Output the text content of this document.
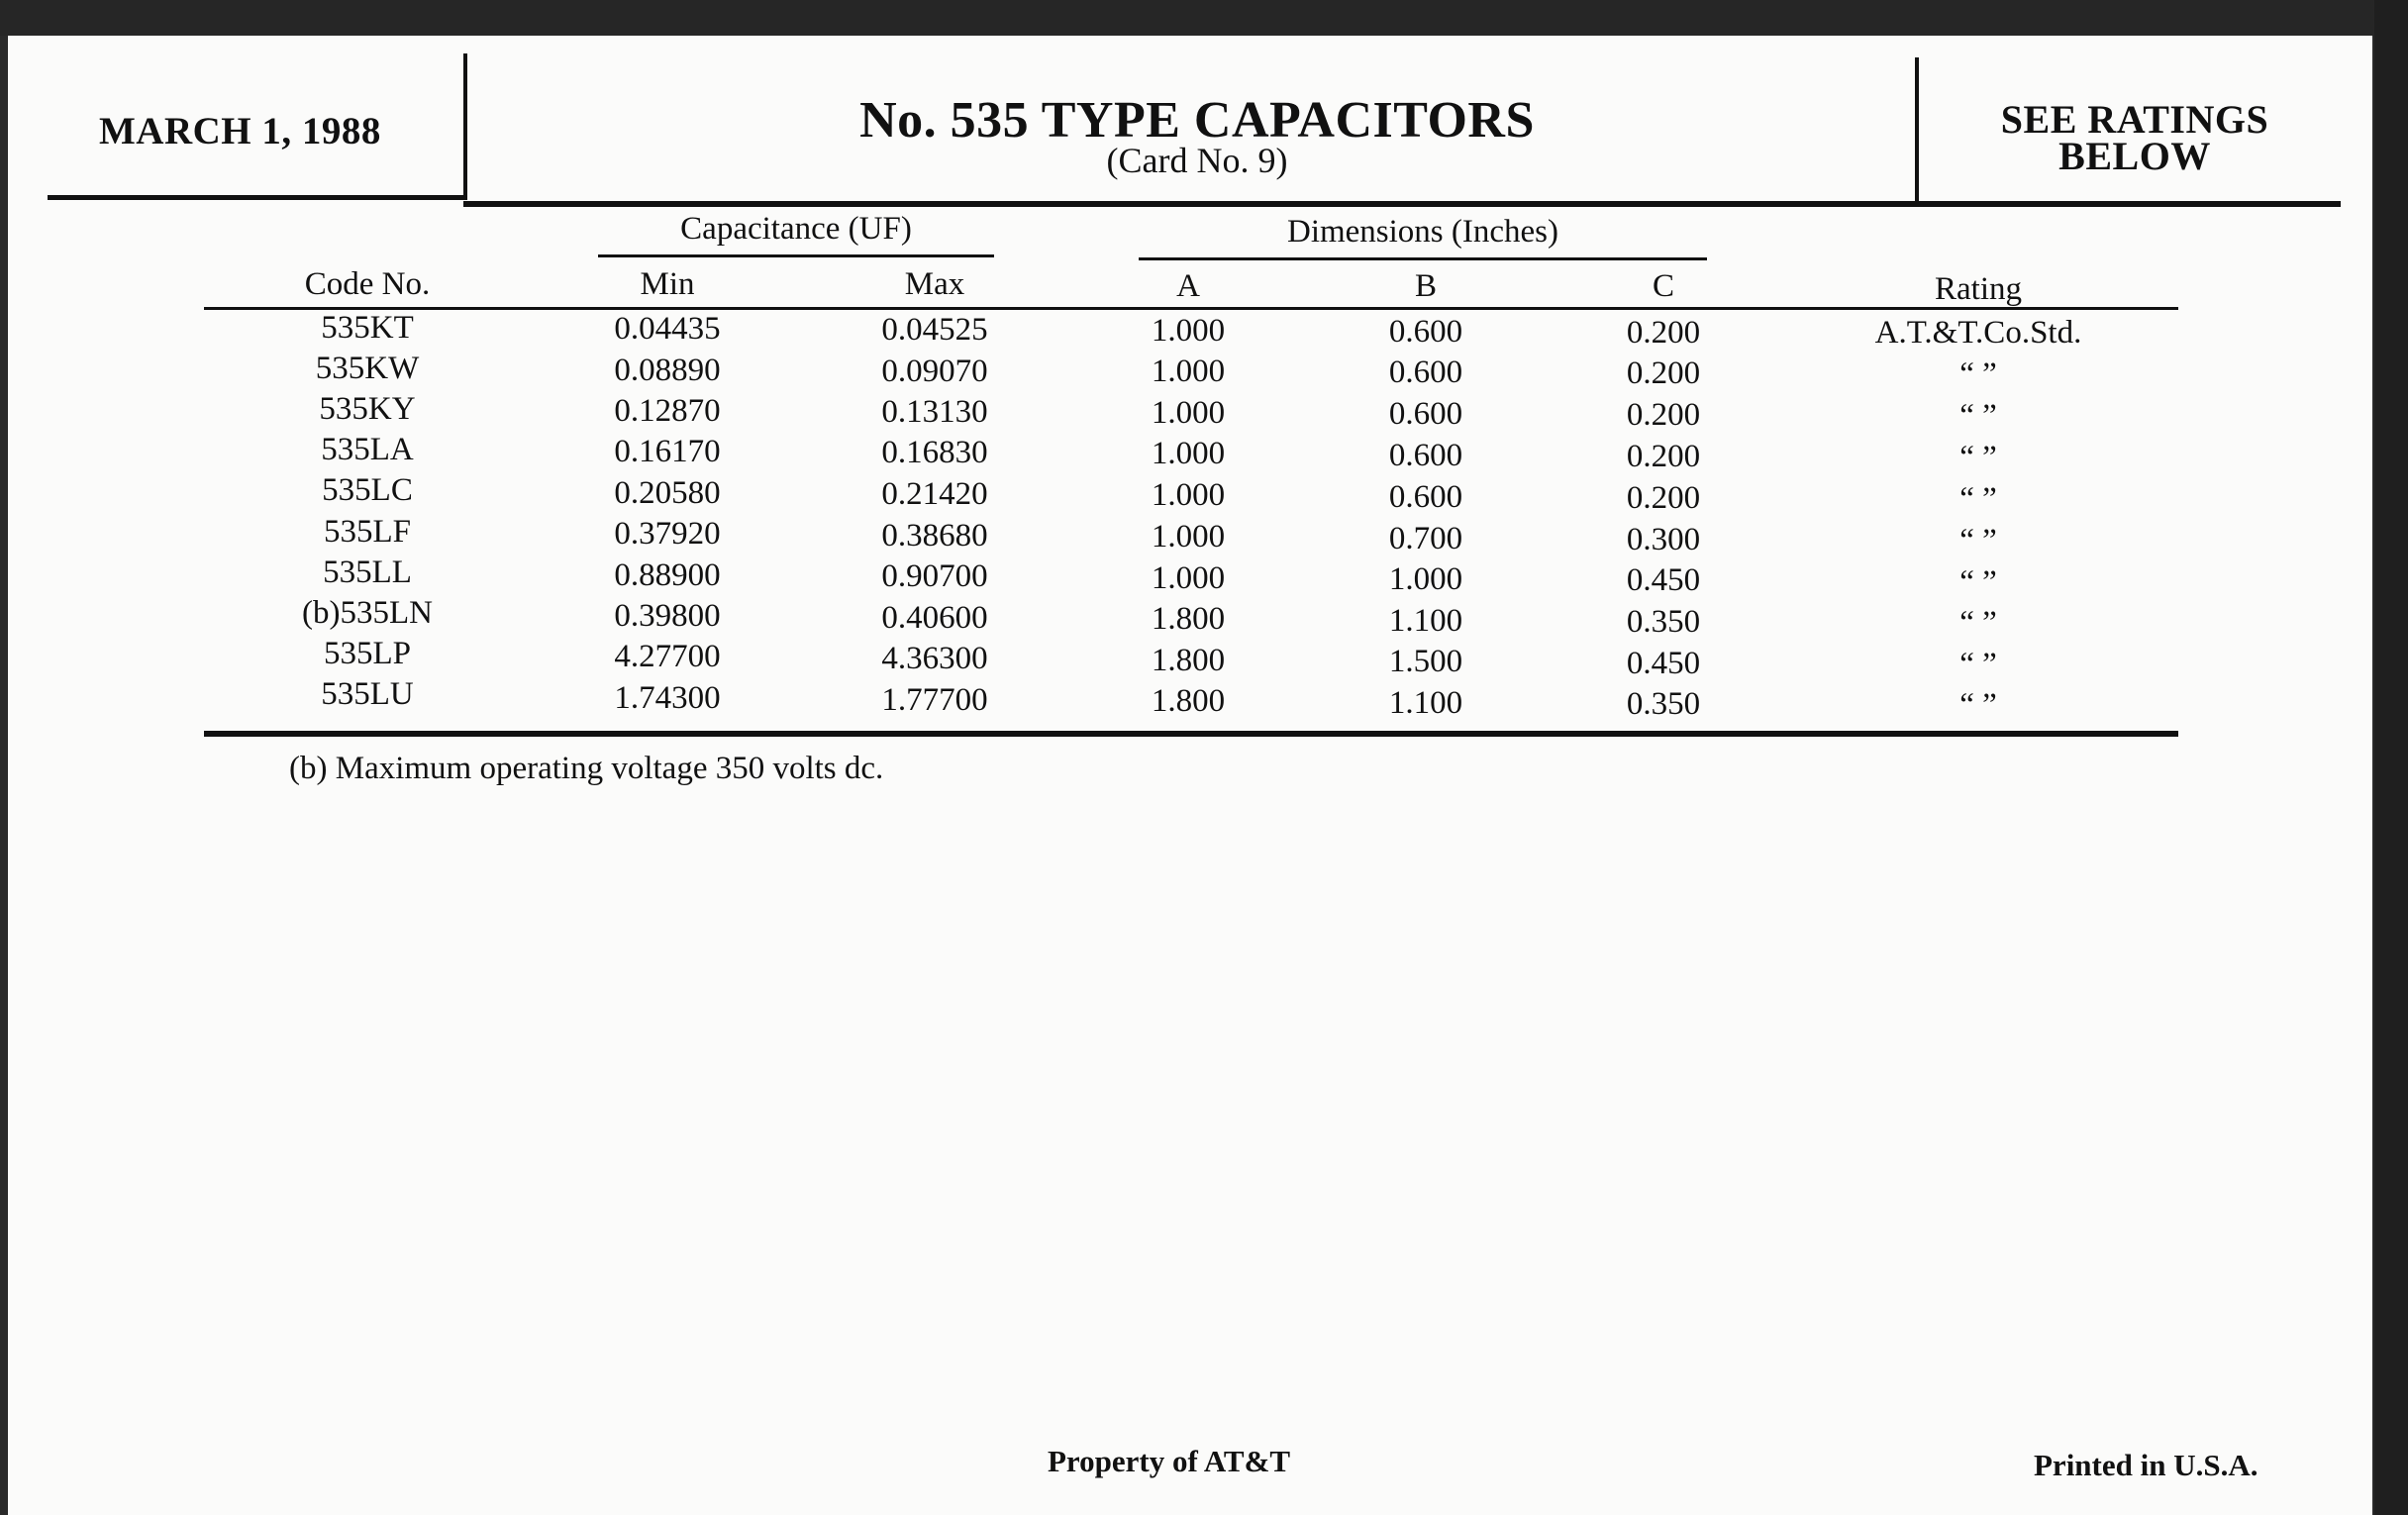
MARCH 1, 1988	No. 535 TYPE CAPACITORS
(Card No. 9)
SEE RATINGS
BELOW
Capacitance (UF)	Dimensions (Inches)
Code No.	Min	Max	A	B	C	Rating
535KT	0.04435	0.04525	1.000	0.600	0.200	A.T.&T.Co.Std.
535KW	0.08890	0.09070	1.000	0.600	0.200	“ ”
535KY	0.12870	0.13130	1.000	0.600	0.200	“ ”
535LA	0.16170	0.16830	1.000	0.600	0.200	“ ”
535LC	0.20580	0.21420	1.000	0.600	0.200	“ ”
535LF	0.37920	0.38680	1.000	0.700	0.300	“ ”
535LL	0.88900	0.90700	1.000	1.000	0.450	“ ”
(b)535LN	0.39800	0.40600	1.800	1.100	0.350	“ ”
535LP	4.27700	4.36300	1.800	1.500	0.450	“ ”
535LU	1.74300	1.77700	1.800	1.100	0.350	“ ”
(b) Maximum operating voltage 350 volts dc.
Property of AT&T	Printed in U.S.A.
